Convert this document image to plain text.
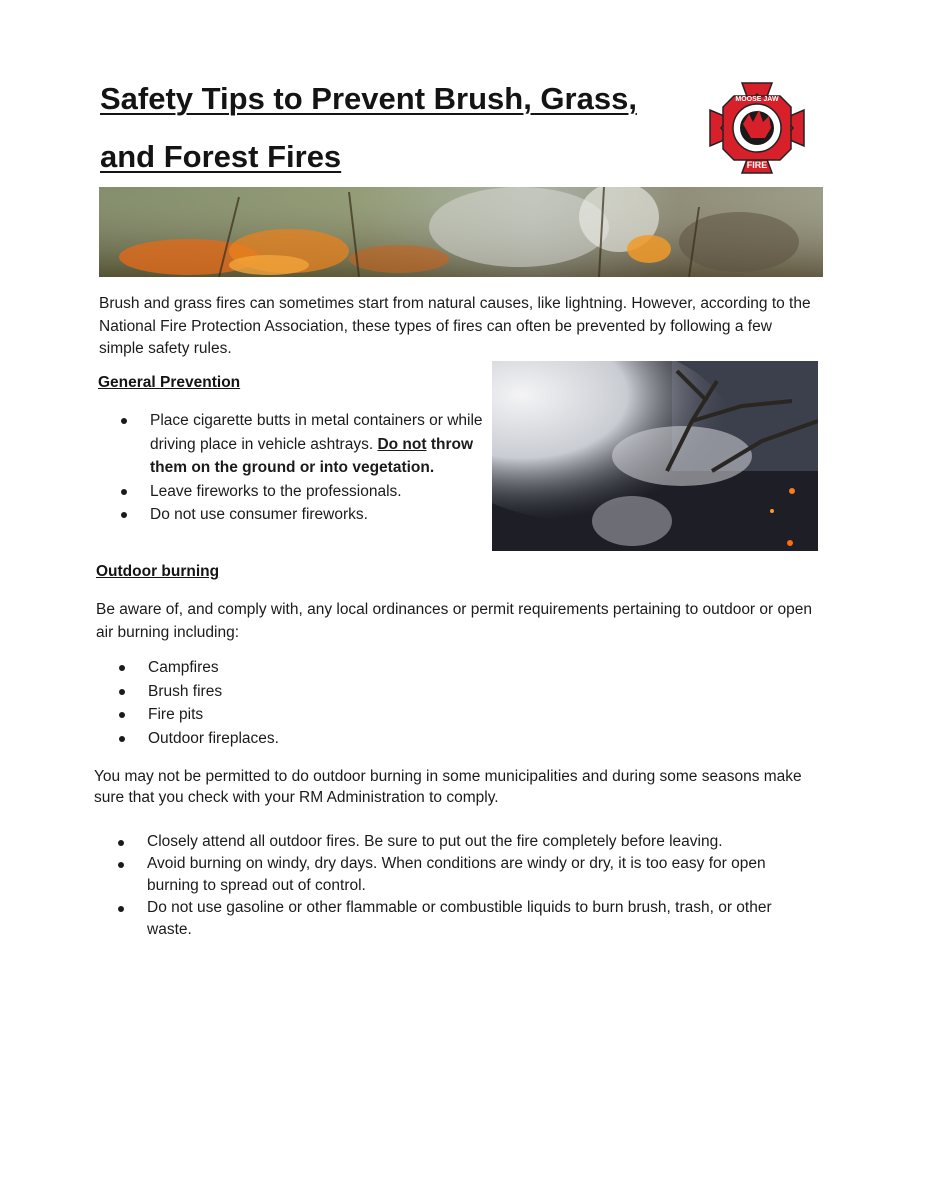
Safety Tips to Prevent Brush, Grass,
and Forest Fires
MOOSE JAW
FIRE
Brush and grass fires can sometimes start from natural causes, like lightning. However, according to the National Fire Protection Association, these types of fires can often be prevented by following a few simple safety rules.
General Prevention
Place cigarette butts in metal containers or while driving place in vehicle ashtrays. Do not throw them on the ground or into vegetation.
Leave fireworks to the professionals.
Do not use consumer fireworks.
Outdoor burning
Be aware of, and comply with, any local ordinances or permit requirements pertaining to outdoor or open air burning including:
Campfires
Brush fires
Fire pits
Outdoor fireplaces.
You may not be permitted to do outdoor burning in some municipalities and during some seasons make sure that you check with your RM Administration to comply.
Closely attend all outdoor fires. Be sure to put out the fire completely before leaving.
Avoid burning on windy, dry days. When conditions are windy or dry, it is too easy for open burning to spread out of control.
Do not use gasoline or other flammable or combustible liquids to burn brush, trash, or other waste.
